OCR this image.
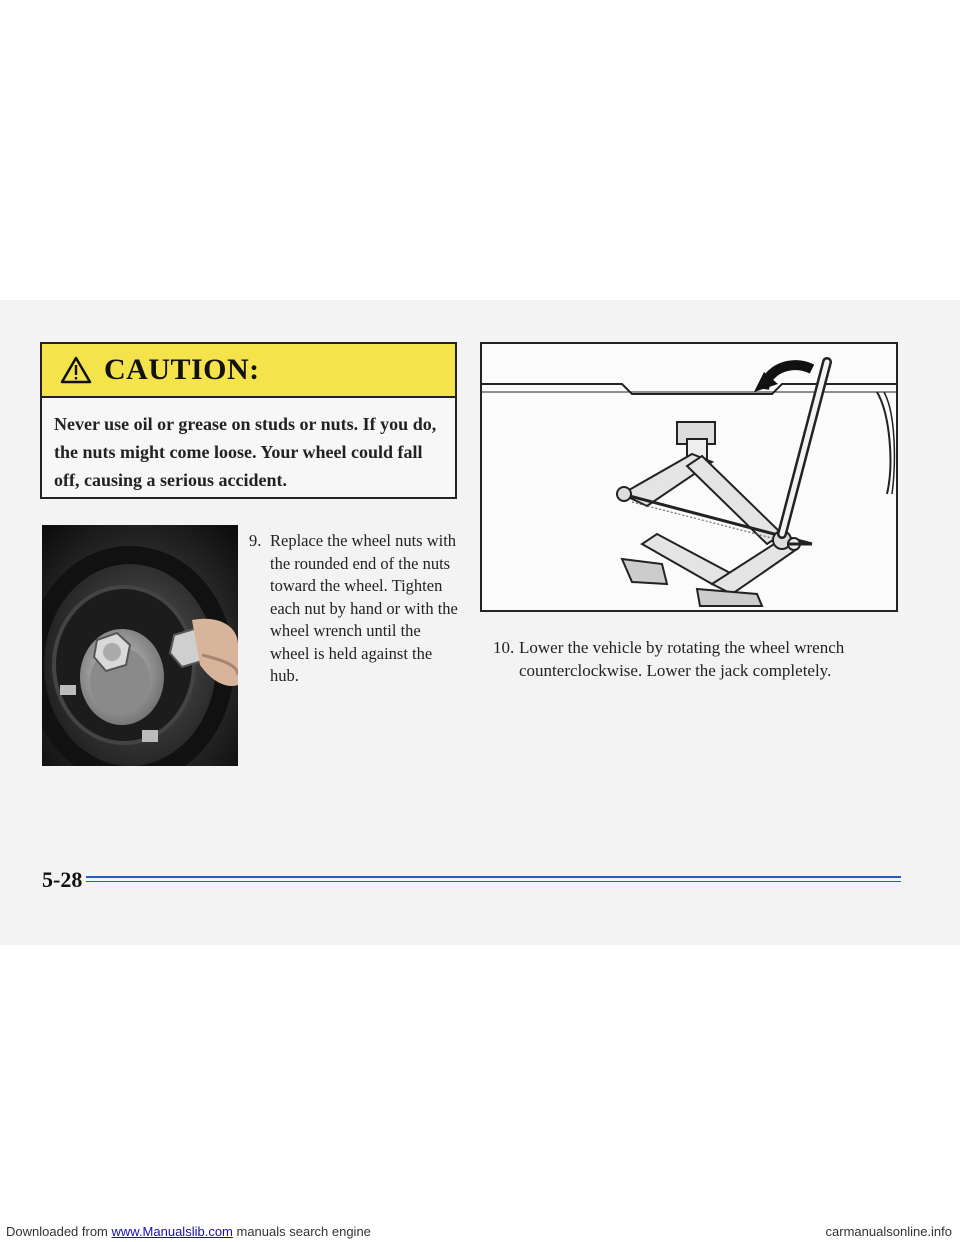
CAUTION:
Never use oil or grease on studs or nuts. If you do, the nuts might come loose. Your wheel could fall off, causing a serious accident.
9. Replace the wheel nuts with the rounded end of the nuts toward the wheel. Tighten each nut by hand or with the wheel wrench until the wheel is held against the hub.
10. Lower the vehicle by rotating the wheel wrench counterclockwise. Lower the jack completely.
5-28
Downloaded from www.Manualslib.com manuals search engine	carmanualsonline.info
